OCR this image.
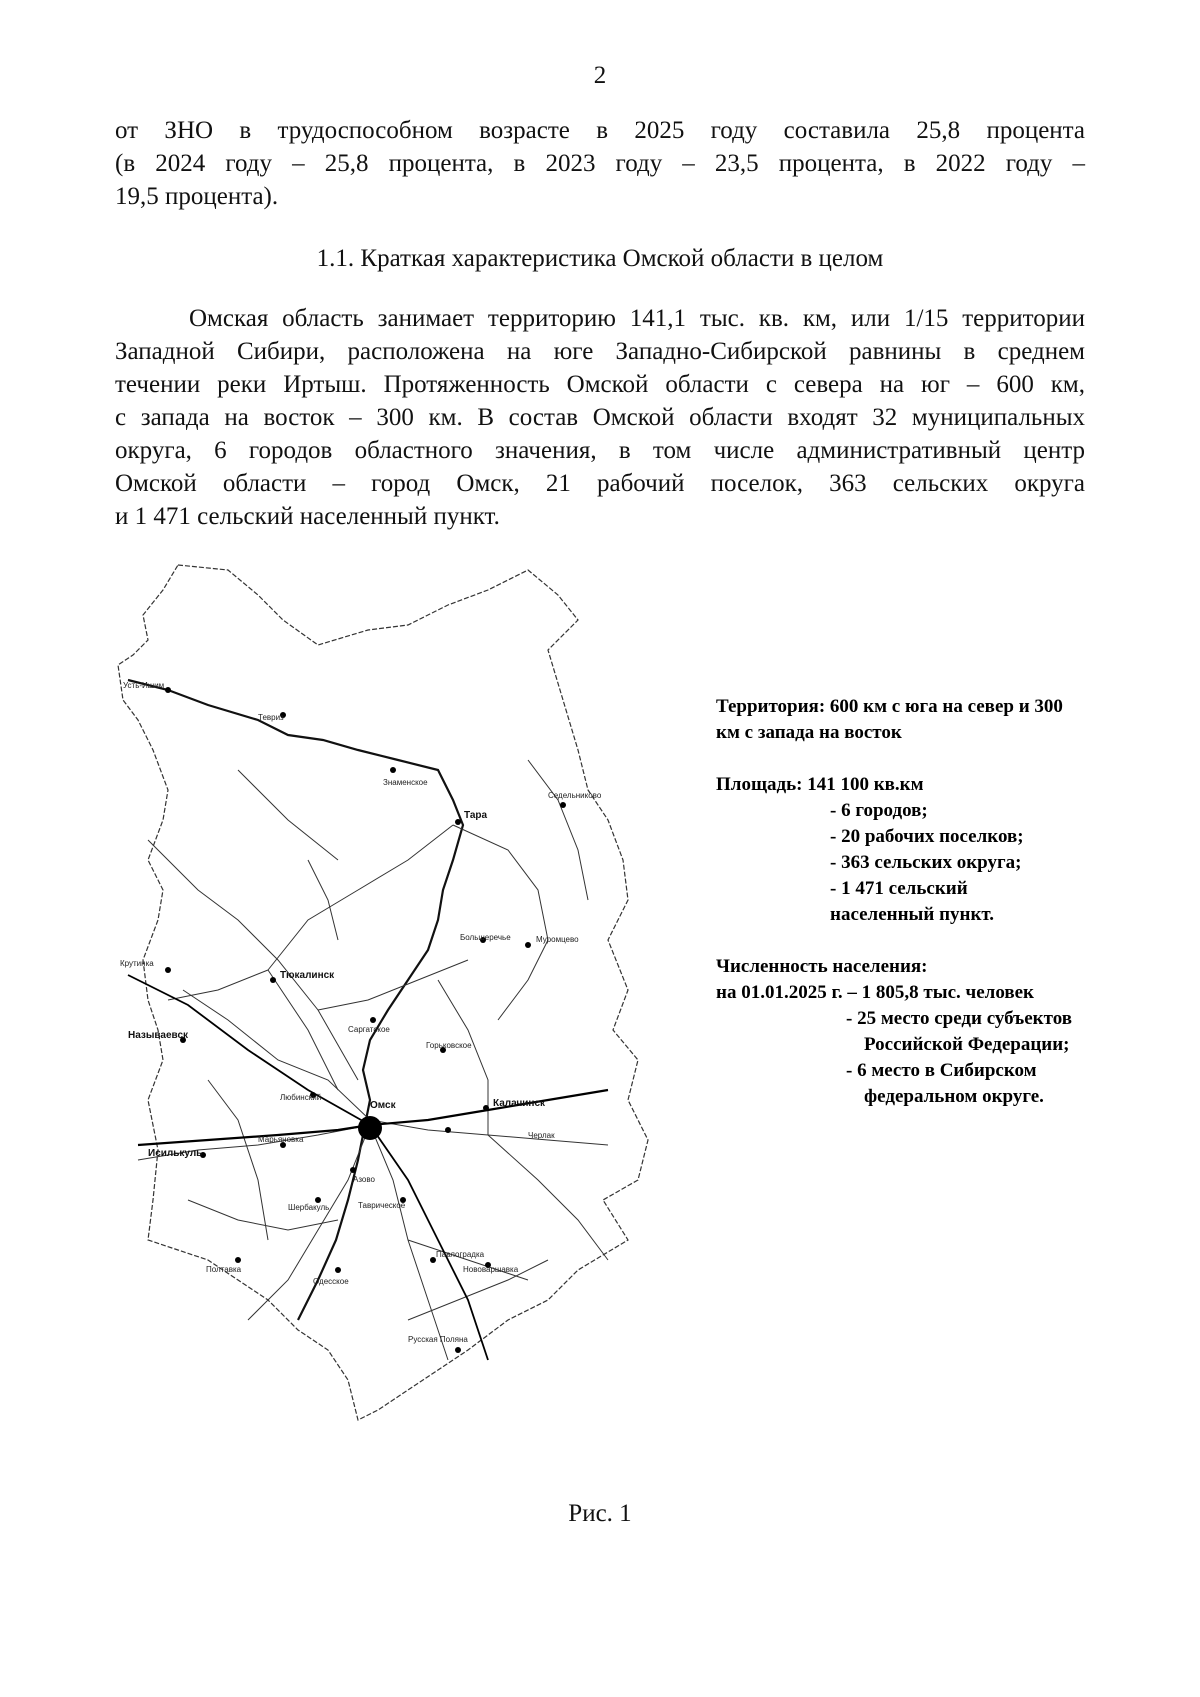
2
от ЗНО в трудоспособном возрасте в 2025 году составила 25,8 процента
(в 2024 году – 25,8 процента, в 2023 году – 23,5 процента, в 2022 году –
19,5 процента).
1.1. Краткая характеристика Омской области в целом
Омская область занимает территорию 141,1 тыс. кв. км, или 1/15 территории
Западной Сибири, расположена на юге Западно-Сибирской равнины в среднем
течении реки Иртыш. Протяженность Омской области с севера на юг – 600 км,
с запада на восток – 300 км. В состав Омской области входят 32 муниципальных
округа, 6 городов областного значения, в том числе административный центр
Омской области – город Омск, 21 рабочий поселок, 363 сельских округа
и 1 471 сельский населенный пункт.
Тара
Тюкалинск
Называевск
Исилькуль
Омск	Калачинск
Муромцево
Большеречье
Любинский
Марьяновка
Таврическое
Павлоградка
Нововаршавка
Русская Поляна
Тевриз
Усть-Ишим
Знаменское
Крутинка
Горьковское
Саргатское
Седельниково
Черлак
Азово
Шербакуль
Полтавка
Одесское
Территория: 600 км с юга на север и 300
км с запада на восток
Площадь: 141 100 кв.км
- 6 городов;
- 20 рабочих поселков;
- 363 сельских округа;
- 1 471 сельский
населенный пункт.
Численность населения:
на 01.01.2025 г. – 1 805,8 тыс. человек
- 25 место среди субъектов
Российской Федерации;
- 6 место в Сибирском
федеральном округе.
Рис. 1
